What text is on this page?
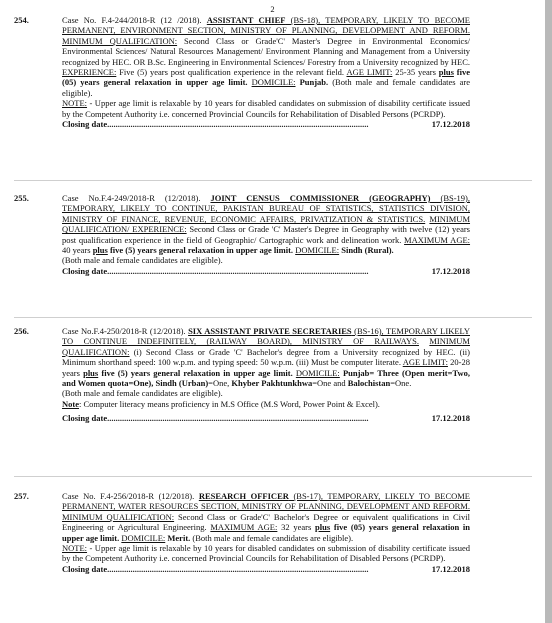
2
254.	Case No. F.4-244/2018-R (12 /2018). ASSISTANT CHIEF (BS-18), TEMPORARY, LIKELY TO BECOME PERMANENT, ENVIRONMENT SECTION, MINISTRY OF PLANNING, DEVELOPMENT AND REFORM. MINIMUM QUALIFICATION: Second Class or Grade'C' Master's Degree in Environmental Economics/ Environmental Sciences/ Natural Resources Management/ Environment Planning and Management from a University recognized by HEC. OR B.Sc. Engineering in Environmental Sciences/ Forestry from a University recognized by HEC. EXPERIENCE: Five (5) years post qualification experience in the relevant field. AGE LIMIT: 25-35 years plus five (05) years general relaxation in upper age limit. DOMICILE: Punjab. (Both male and female candidates are eligible).
NOTE: - Upper age limit is relaxable by 10 years for disabled candidates on submission of disability certificate issued by the Competent Authority i.e. concerned Provincial Councils for Rehabilitation of Disabled Persons (PCRDP).
Closing date...........................................................................................................................	17.12.2018
255.	Case No.F.4-249/2018-R (12/2018). JOINT CENSUS COMMISSIONER (GEOGRAPHY) (BS-19), TEMPORARY, LIKELY TO CONTINUE, PAKISTAN BUREAU OF STATISTICS, STATISTICS DIVISION, MINISTRY OF FINANCE, REVENUE, ECONOMIC AFFAIRS, PRIVATIZATION & STATISTICS. MINIMUM QUALIFICATION/ EXPERIENCE: Second Class or Grade 'C' Master's Degree in Geography with twelve (12) years post qualification experience in the field of Geographic/ Cartographic work and delineation work. MAXIMUM AGE: 40 years plus five (5) years general relaxation in upper age limit. DOMICILE: Sindh (Rural).
(Both male and female candidates are eligible).
Closing date...........................................................................................................................	17.12.2018
256.	Case No.F.4-250/2018-R (12/2018). SIX ASSISTANT PRIVATE SECRETARIES (BS-16), TEMPORARY LIKELY TO CONTINUE INDEFINITELY, (RAILWAY BOARD), MINISTRY OF RAILWAYS. MINIMUM QUALIFICATION: (i) Second Class or Grade 'C' Bachelor's degree from a University recognized by HEC. (ii) Minimum shorthand speed: 100 w.p.m. and typing speed: 50 w.p.m. (iii) Must be computer literate. AGE LIMIT: 20-28 years plus five (5) years general relaxation in upper age limit. DOMICILE: Punjab= Three (Open merit=Two, and Women quota=One), Sindh (Urban)=One, Khyber Pakhtunkhwa=One and Balochistan=One.
(Both male and female candidates are eligible).
Note: Computer literacy means proficiency in M.S Office (M.S Word, Power Point & Excel).
Closing date...........................................................................................................................	17.12.2018
257.	Case No. F.4-256/2018-R (12/2018). RESEARCH OFFICER (BS-17), TEMPORARY, LIKELY TO BECOME PERMANENT, WATER RESOURCES SECTION, MINISTRY OF PLANNING, DEVELOPMENT AND REFORM. MINIMUM QUALIFICATION: Second Class or Grade'C' Bachelor's Degree or equivalent qualifications in Civil Engineering or Agricultural Engineering. MAXIMUM AGE: 32 years plus five (05) years general relaxation in upper age limit. DOMICILE: Merit. (Both male and female candidates are eligible).
NOTE: - Upper age limit is relaxable by 10 years for disabled candidates on submission of disability certificate issued by the Competent Authority i.e. concerned Provincial Councils for Rehabilitation of Disabled Persons (PCRDP).
Closing date...........................................................................................................................	17.12.2018
